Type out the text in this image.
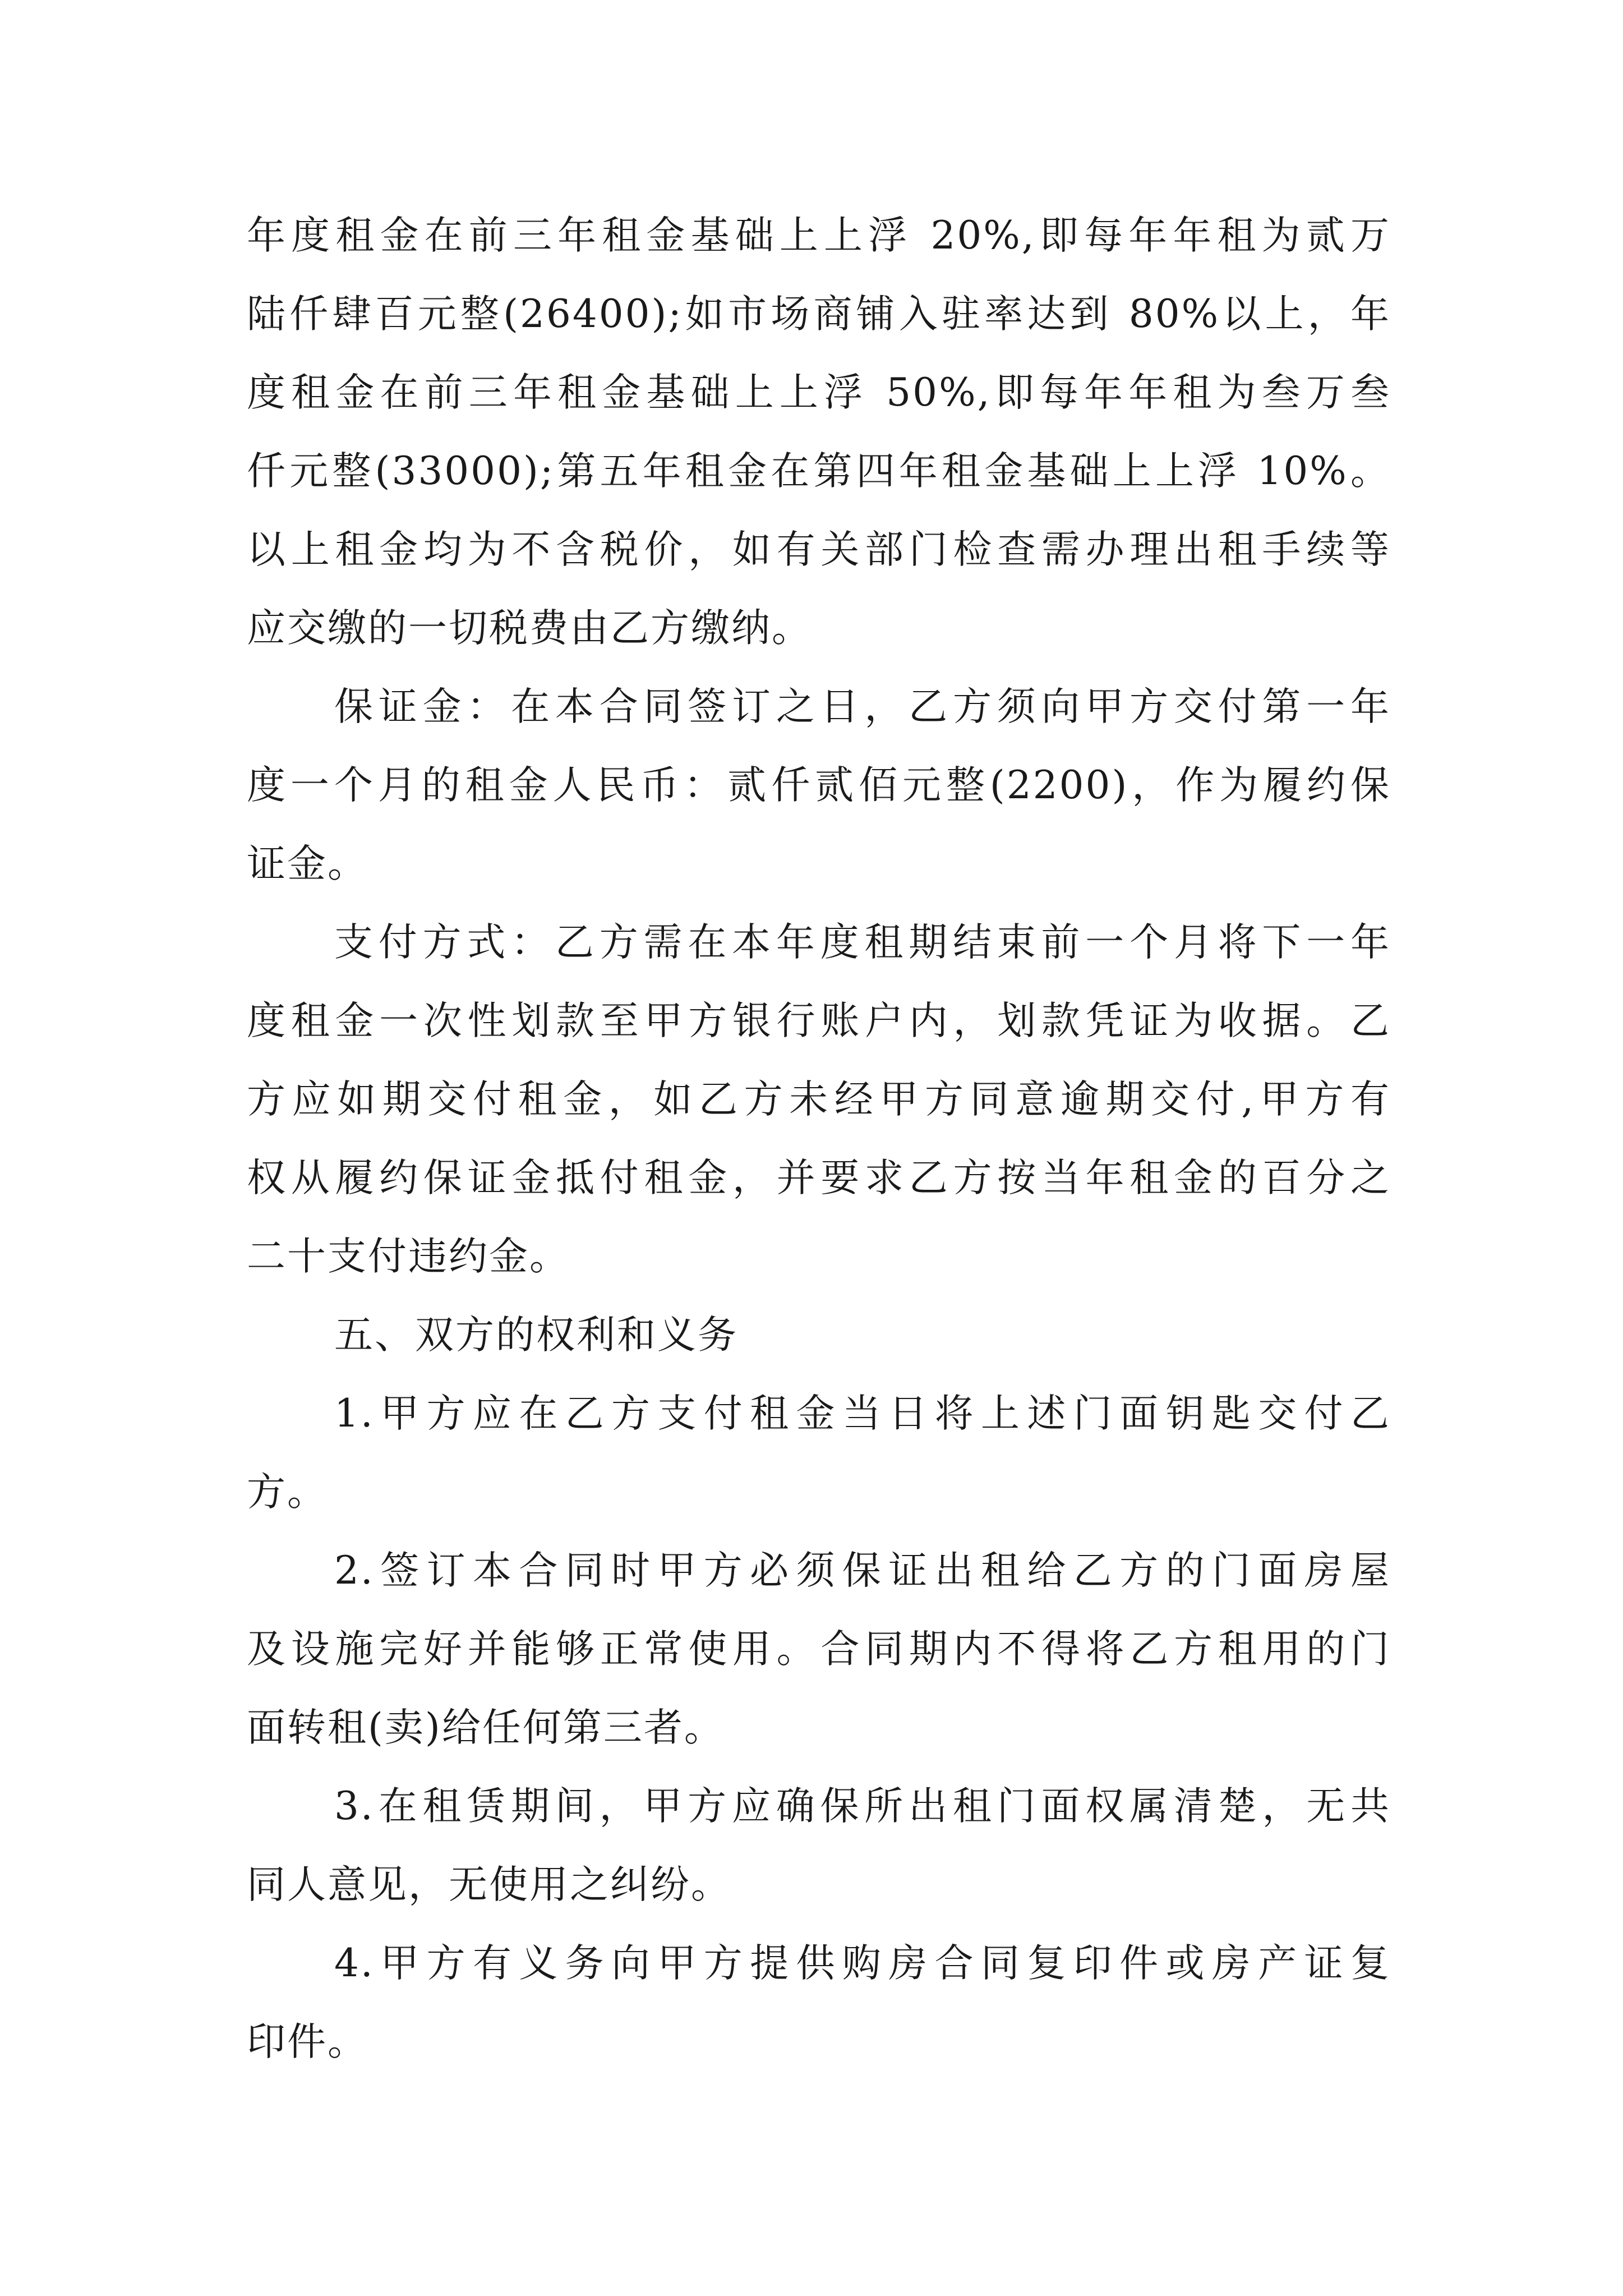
年度租金在前三年租金基础上上浮 20%,即每年年租为贰万
陆仟肆百元整(26400);如市场商铺入驻率达到 80%以上，年
度租金在前三年租金基础上上浮 50%,即每年年租为叁万叁
仟元整(33000);第五年租金在第四年租金基础上上浮 10%。
以上租金均为不含税价，如有关部门检查需办理出租手续等
应交缴的一切税费由乙方缴纳。
保证金：在本合同签订之日，乙方须向甲方交付第一年
度一个月的租金人民币：贰仟贰佰元整(2200)，作为履约保
证金。
支付方式：乙方需在本年度租期结束前一个月将下一年
度租金一次性划款至甲方银行账户内，划款凭证为收据。乙
方应如期交付租金，如乙方未经甲方同意逾期交付,甲方有
权从履约保证金抵付租金，并要求乙方按当年租金的百分之
二十支付违约金。
五、双方的权利和义务
1.甲方应在乙方支付租金当日将上述门面钥匙交付乙
方。
2.签订本合同时甲方必须保证出租给乙方的门面房屋
及设施完好并能够正常使用。合同期内不得将乙方租用的门
面转租(卖)给任何第三者。
3.在租赁期间，甲方应确保所出租门面权属清楚，无共
同人意见，无使用之纠纷。
4.甲方有义务向甲方提供购房合同复印件或房产证复
印件。
